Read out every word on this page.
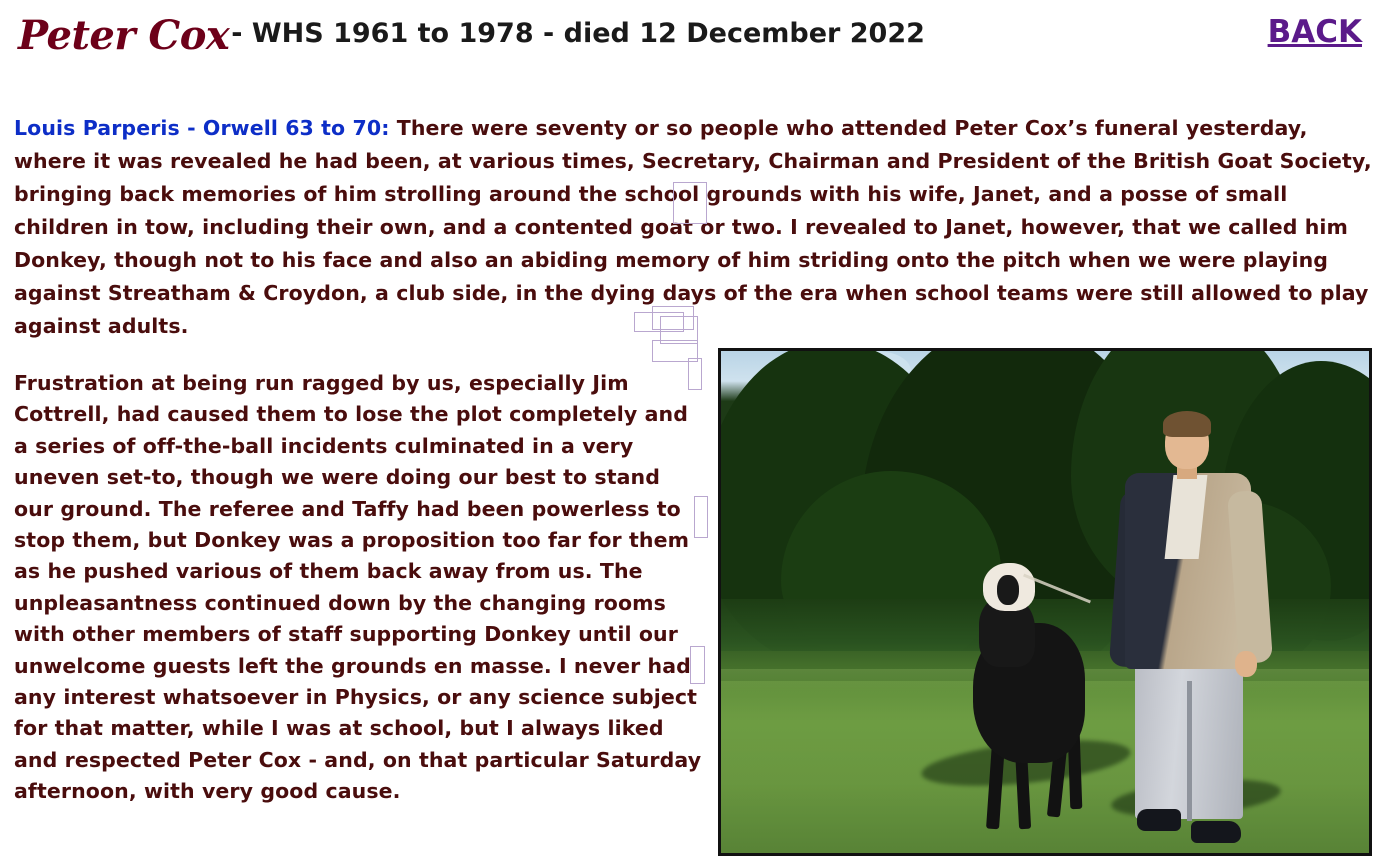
Peter Cox- WHS 1961 to 1978 - died 12 December 2022	BACK
Louis Parperis - Orwell 63 to 70: There were seventy or so people who attended Peter Cox’s funeral yesterday, where it was revealed he had been, at various times, Secretary, Chairman and President of the British Goat Society, bringing back memories of him strolling around the school grounds with his wife, Janet, and a posse of small children in tow, including their own, and a contented goat or two. I revealed to Janet, however, that we called him Donkey, though not to his face and also an abiding memory of him striding onto the pitch when we were playing against Streatham & Croydon, a club side, in the dying days of the era when school teams were still allowed to play against adults.
Frustration at being run ragged by us, especially Jim Cottrell, had caused them to lose the plot completely and a series of off-the-ball incidents culminated in a very uneven set-to, though we were doing our best to stand our ground. The referee and Taffy had been powerless to stop them, but Donkey was a proposition too far for them as he pushed various of them back away from us. The unpleasantness continued down by the changing rooms with other members of staff supporting Donkey until our unwelcome guests left the grounds en masse. I never had any interest whatsoever in Physics, or any science subject for that matter, while I was at school, but I always liked and respected Peter Cox - and, on that particular Saturday afternoon, with very good cause.
